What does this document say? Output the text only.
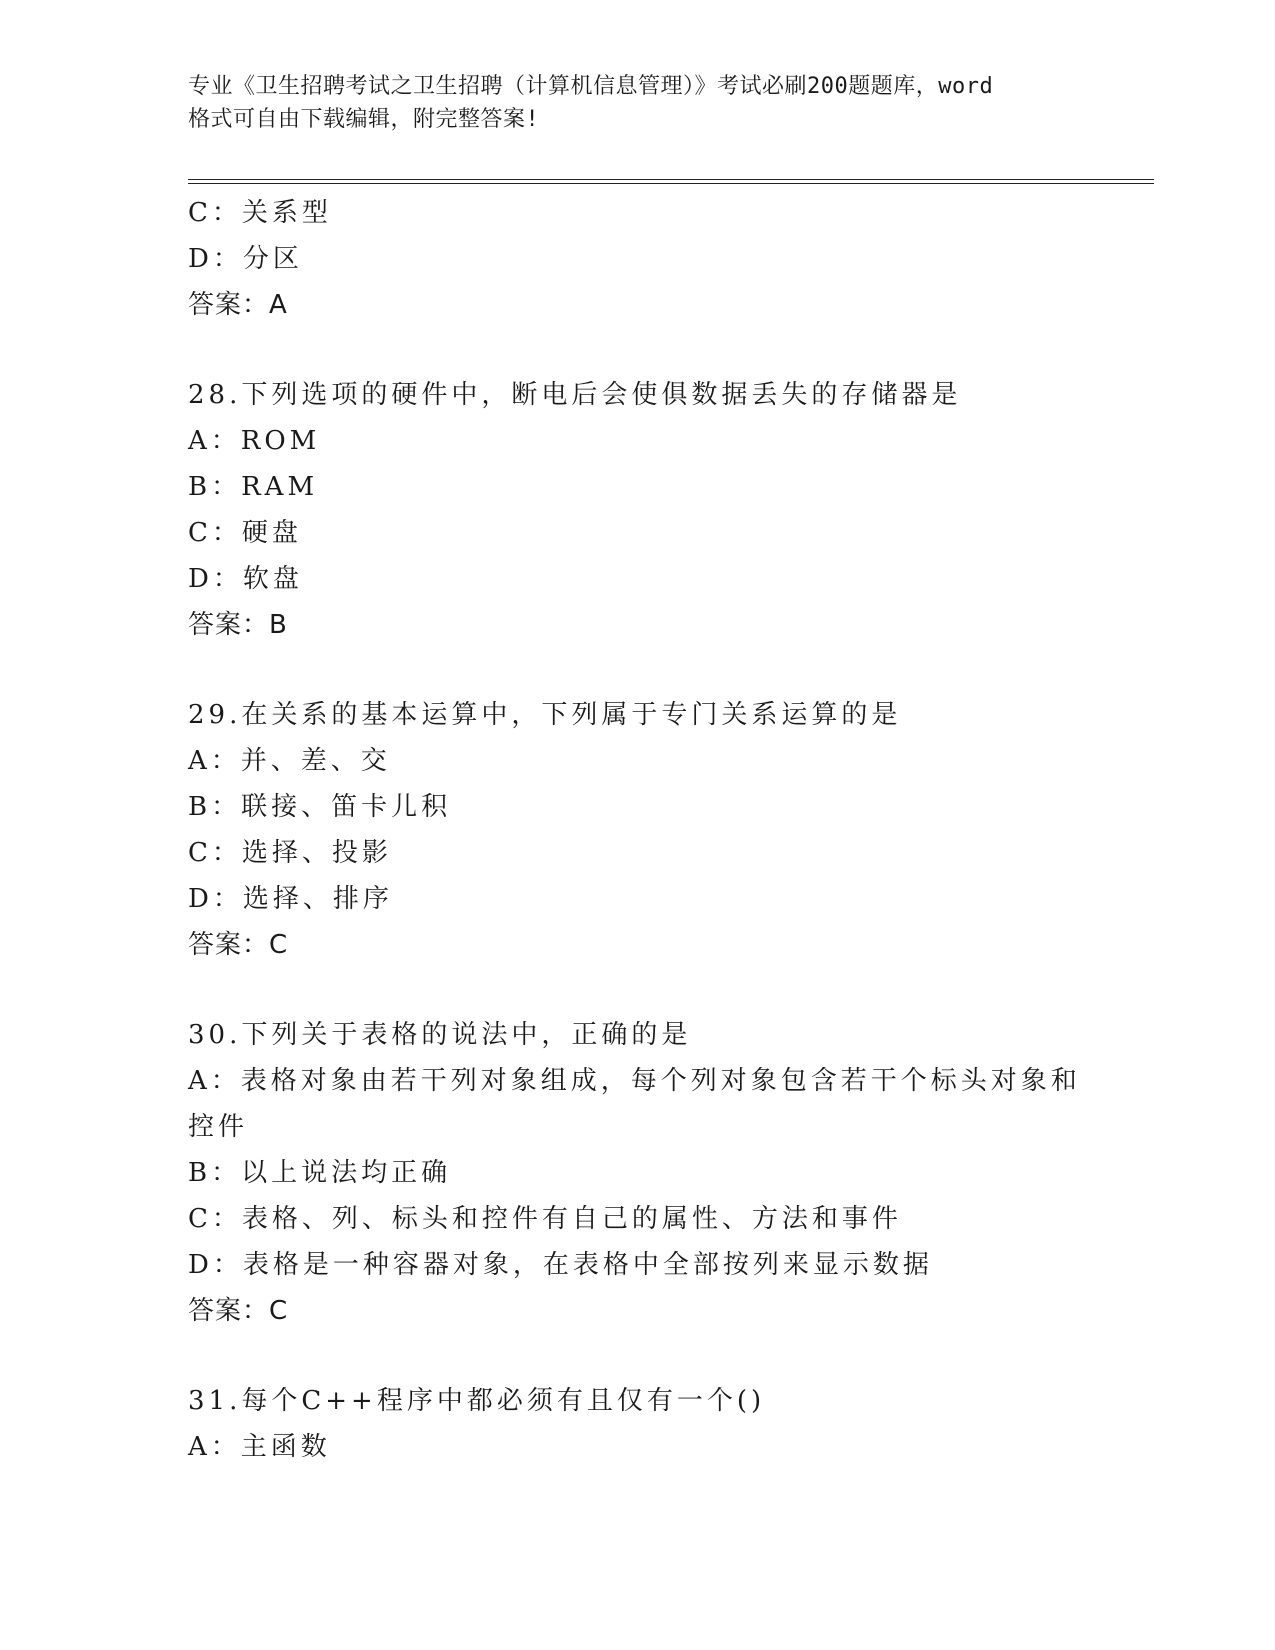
专业《卫生招聘考试之卫生招聘（计算机信息管理）》考试必刷200题题库，word
格式可自由下载编辑，附完整答案!
C：关系型
D：分区
答案：A
28.下列选项的硬件中，断电后会使俱数据丢失的存储器是
A：ROM
B：RAM
C：硬盘
D：软盘
答案：B
29.在关系的基本运算中，下列属于专门关系运算的是
A：并、差、交
B：联接、笛卡儿积
C：选择、投影
D：选择、排序
答案：C
30.下列关于表格的说法中，正确的是
A：表格对象由若干列对象组成，每个列对象包含若干个标头对象和控件
B：以上说法均正确
C：表格、列、标头和控件有自己的属性、方法和事件
D：表格是一种容器对象，在表格中全部按列来显示数据
答案：C
31.每个C++程序中都必须有且仅有一个()
A：主函数
